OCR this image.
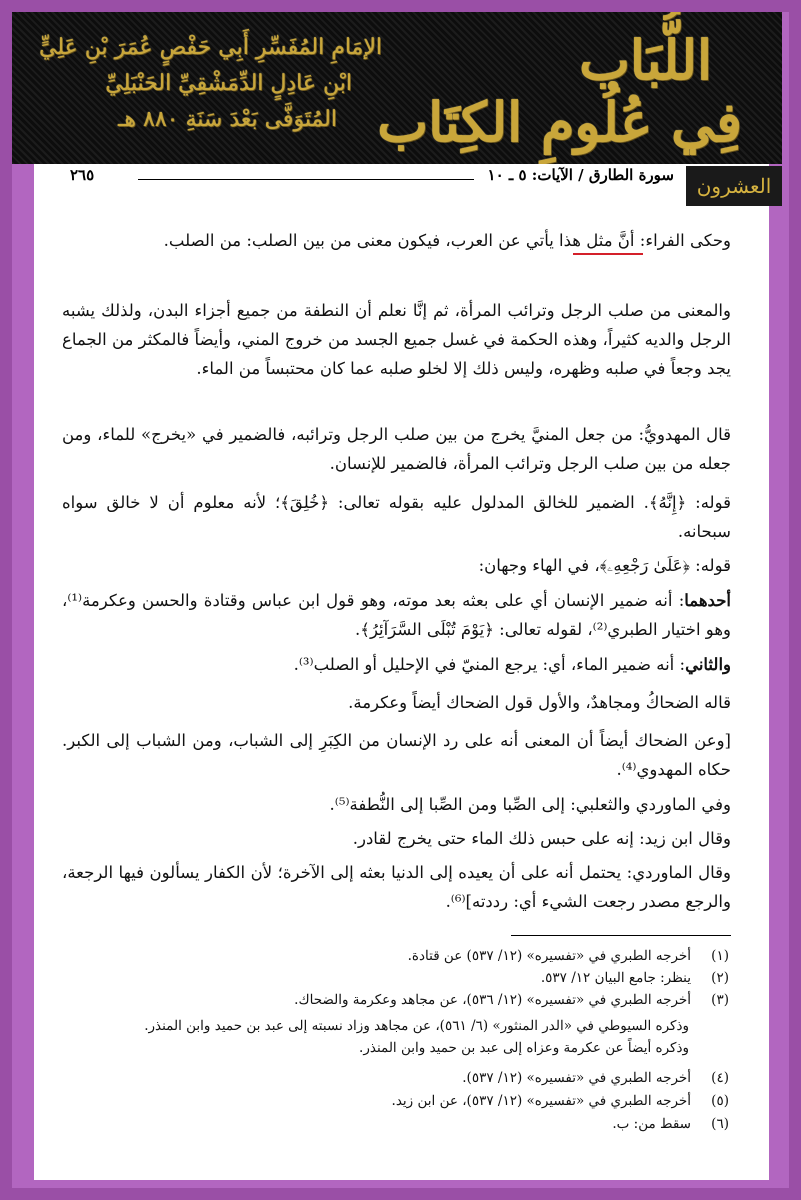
اللُّبَاب
فِي عُلُومِ الكِتَاب
الإمَامِ المُفَسِّرِ أَبِي حَفْصٍ عُمَرَ بْنِ عَلِيٍّ
ابْنِ عَادِلٍ الدِّمَشْقِيِّ الحَنْبَلِيِّ
المُتَوَفَّى بَعْدَ سَنَةِ ٨٨٠ هـ
العشرون
سورة الطارق / الآيات: ٥ ـ ١٠
٢٦٥
وحكى الفراء: أنَّ مثل هذا يأتي عن العرب، فيكون معنى من بين الصلب: من الصلب.
والمعنى من صلب الرجل وترائب المرأة، ثم إنَّا نعلم أن النطفة من جميع أجزاء البدن، ولذلك يشبه الرجل والديه كثيراً، وهذه الحكمة في غسل جميع الجسد من خروج المني، وأيضاً فالمكثر من الجماع يجد وجعاً في صلبه وظهره، وليس ذلك إلا لخلو صلبه عما كان محتبساً من الماء.
قال المهدويُّ: من جعل المنيَّ يخرج من بين صلب الرجل وترائبه، فالضمير في «يخرج» للماء، ومن جعله من بين صلب الرجل وترائب المرأة، فالضمير للإنسان.
قوله: ﴿إِنَّهُ﴾. الضمير للخالق المدلول عليه بقوله تعالى: ﴿خُلِقَ﴾؛ لأنه معلوم أن لا خالق سواه سبحانه.
قوله: ﴿عَلَىٰ رَجْعِهِۦ﴾، في الهاء وجهان:
أحدهما: أنه ضمير الإنسان أي على بعثه بعد موته، وهو قول ابن عباس وقتادة والحسن وعكرمة⁽¹⁾، وهو اختيار الطبري⁽²⁾، لقوله تعالى: ﴿يَوْمَ تُبْلَى السَّرَآئِرُ﴾.
والثاني: أنه ضمير الماء، أي: يرجع المنيّ في الإحليل أو الصلب⁽³⁾.
قاله الضحاكُ ومجاهدٌ، والأول قول الضحاك أيضاً وعكرمة.
[وعن الضحاك أيضاً أن المعنى أنه على رد الإنسان من الكِبَرِ إلى الشباب، ومن الشباب إلى الكبر. حكاه المهدوي⁽⁴⁾.
وفي الماوردي والثعلبي: إلى الصِّبا ومن الصِّبا إلى النُّطفة⁽⁵⁾.
وقال ابن زيد: إنه على حبس ذلك الماء حتى يخرج لقادر.
وقال الماوردي: يحتمل أنه على أن يعيده إلى الدنيا بعثه إلى الآخرة؛ لأن الكفار يسألون فيها الرجعة، والرجع مصدر رجعت الشيء أي: رددته]⁽⁶⁾.
(١)أخرجه الطبري في «تفسيره» (١٢/ ٥٣٧) عن قتادة.
(٢)ينظر: جامع البيان ١٢/ ٥٣٧.
(٣)أخرجه الطبري في «تفسيره» (١٢/ ٥٣٦)، عن مجاهد وعكرمة والضحاك.
وذكره السيوطي في «الدر المنثور» (٦/ ٥٦١)، عن مجاهد وزاد نسبته إلى عبد بن حميد وابن المنذر. وذكره أيضاً عن عكرمة وعزاه إلى عبد بن حميد وابن المنذر.
(٤)أخرجه الطبري في «تفسيره» (١٢/ ٥٣٧).
(٥)أخرجه الطبري في «تفسيره» (١٢/ ٥٣٧)، عن ابن زيد.
(٦)سقط من: ب.
